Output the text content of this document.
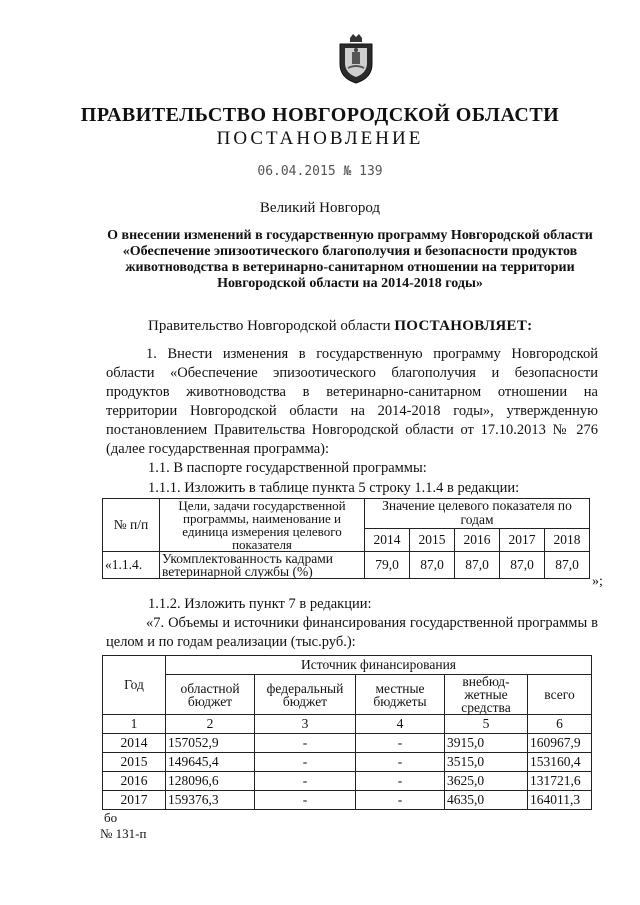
ПРАВИТЕЛЬСТВО НОВГОРОДСКОЙ ОБЛАСТИ
ПОСТАНОВЛЕНИЕ
06.04.2015 № 139
Великий Новгород
О внесении изменений в государственную программу Новгородской области «Обеспечение эпизоотического благополучия и безопасности продуктов животноводства в ветеринарно-санитарном отношении на территории Новгородской области на 2014-2018 годы»
Правительство Новгородской области ПОСТАНОВЛЯЕТ:
1. Внести изменения в государственную программу Новгородской области «Обеспечение эпизоотического благополучия и безопасности продуктов животноводства в ветеринарно-санитарном отношении на территории Новгородской области на 2014-2018 годы», утвержденную постановлением Правительства Новгородской области от 17.10.2013 № 276 (далее государственная программа):
1.1. В паспорте государственной программы:
1.1.1. Изложить в таблице пункта 5 строку 1.1.4 в редакции:
№ п/п	Цели, задачи государственной программы, наименование и единица измерения целевого показателя	Значение целевого показателя по годам				
		2014	2015	2016	2017	2018
«1.1.4.	Укомплектованность кадрами ветеринарной службы (%)	79,0	87,0	87,0	87,0	87,0
»;
1.1.2. Изложить пункт 7 в редакции:
«7. Объемы и источники финансирования государственной программы в целом и по годам реализации (тыс.руб.):
Год	Источник финансирования				
	областной бюджет	федеральный бюджет	местные бюджеты	внебюд-жетные средства	всего
1	2	3	4	5	6
2014	157052,9	-	-	3915,0	160967,9
2015	149645,4	-	-	3515,0	153160,4
2016	128096,6	-	-	3625,0	131721,6
2017	159376,3	-	-	4635,0	164011,3
бо
№ 131-п
